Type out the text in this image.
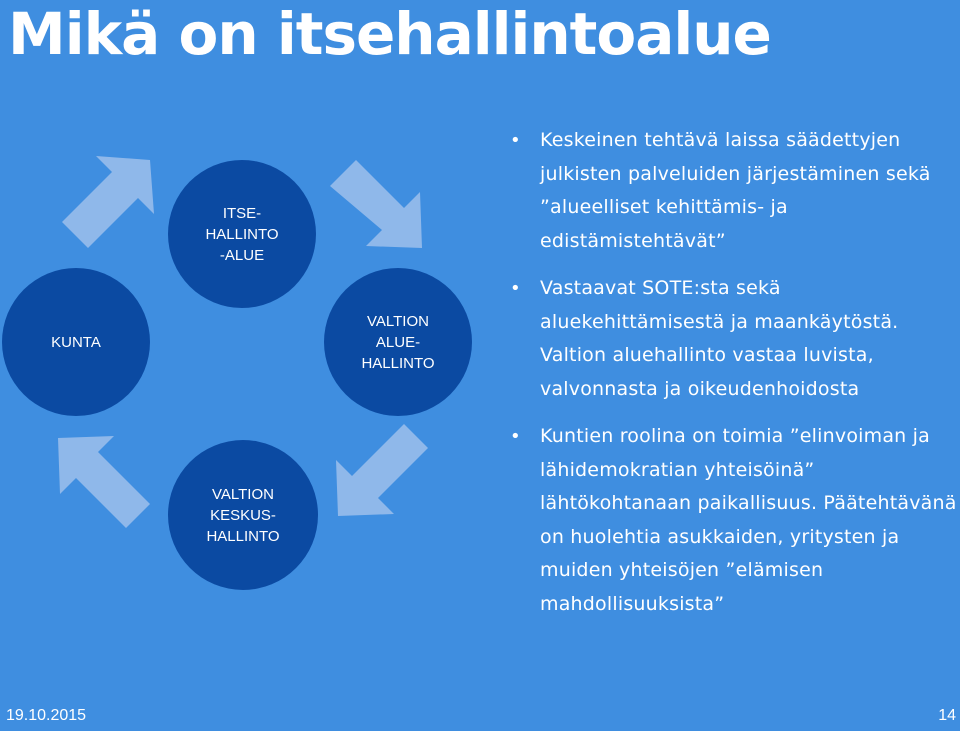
Mikä on itsehallintoalue
ITSE-
HALLINTO
-ALUE
KUNTA
VALTION
ALUE-
HALLINTO
VALTION
KESKUS-
HALLINTO
• Keskeinen tehtävä laissa säädettyjen julkisten palveluiden järjestäminen sekä ”alueelliset kehittämis- ja edistämistehtävät”
• Vastaavat SOTE:sta sekä aluekehittämisestä ja maankäytöstä. Valtion aluehallinto vastaa luvista, valvonnasta ja oikeudenhoidosta
• Kuntien roolina on toimia ”elinvoiman ja lähidemokratian yhteisöinä” lähtökohtanaan paikallisuus. Päätehtävänä on huolehtia asukkaiden, yritysten ja muiden yhteisöjen ”elämisen mahdollisuuksista”
19.10.2015	14
